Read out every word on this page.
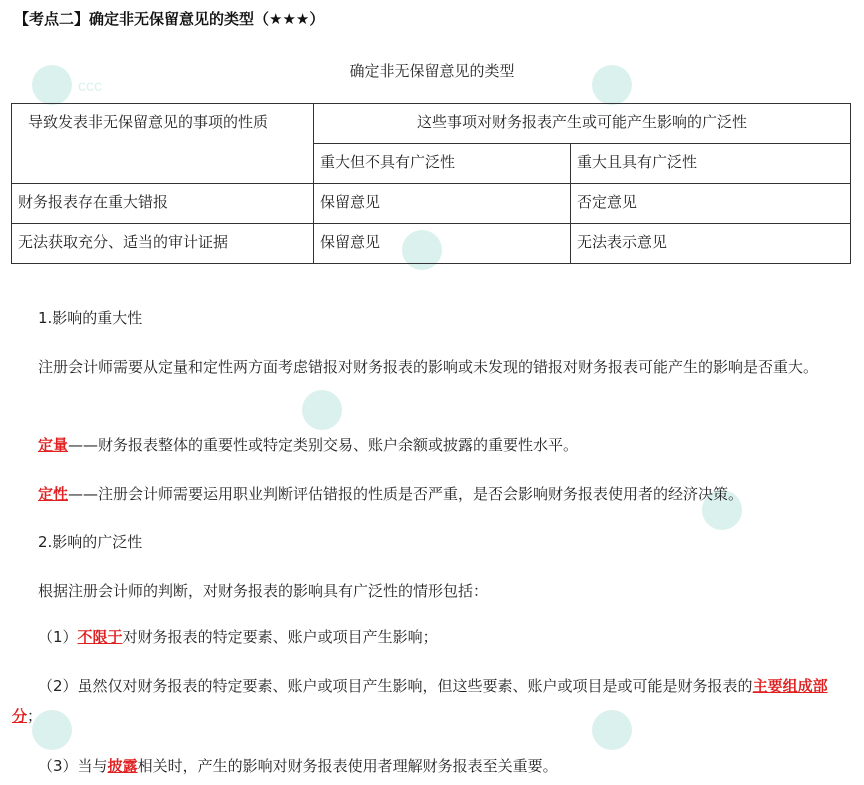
ccc
【考点二】确定非无保留意见的类型（★★★）
确定非无保留意见的类型
导致发表非无保留意见的事项的性质	这些事项对财务报表产生或可能产生影响的广泛性	
	重大但不具有广泛性	重大且具有广泛性
财务报表存在重大错报	保留意见	否定意见
无法获取充分、适当的审计证据	保留意见	无法表示意见
1.影响的重大性
注册会计师需要从定量和定性两方面考虑错报对财务报表的影响或未发现的错报对财务报表可能产生的影响是否重大。
定量——财务报表整体的重要性或特定类别交易、账户余额或披露的重要性水平。
定性——注册会计师需要运用职业判断评估错报的性质是否严重，是否会影响财务报表使用者的经济决策。
2.影响的广泛性
根据注册会计师的判断，对财务报表的影响具有广泛性的情形包括：
（1）不限于对财务报表的特定要素、账户或项目产生影响；
（2）虽然仅对财务报表的特定要素、账户或项目产生影响，但这些要素、账户或项目是或可能是财务报表的主要组成部分；
（3）当与披露相关时，产生的影响对财务报表使用者理解财务报表至关重要。
